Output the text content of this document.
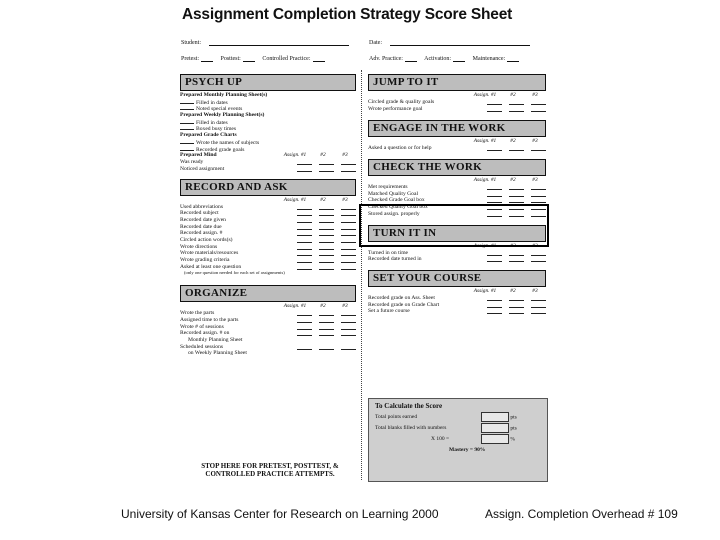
Assignment Completion Strategy Score Sheet
Student:	Date:
Pretest:	Posttest:	Controlled Practice:	Adv. Practice:	Activation:	Maintenance:
PSYCH UP
Prepared Monthly Planning Sheet(s)
Filled in dates
Noted special events
Prepared Weekly Planning Sheet(s)
Filled in dates
Boxed busy times
Prepared Grade Charts
Wrote the names of subjects
Recorded grade goals
Prepared Mind	Assign. #1	#2	#3
Was ready
Noticed assignment
RECORD AND ASK
Assign. #1	#2	#3
Used abbreviations
Recorded subject
Recorded date given
Recorded date due
Recorded assign. #
Circled action words(s)
Wrote directions
Wrote materials/resources
Wrote grading criteria
Asked at least one question
(only one question needed for each set of assignments)
ORGANIZE
Assign. #1	#2	#3
Wrote the parts
Assigned time to the parts
Wrote # of sessions
Recorded assign. # on
Monthly Planning Sheet
Scheduled sessions
on Weekly Planning Sheet
JUMP TO IT
Assign. #1	#2	#3
Circled grade & quality goals
Wrote performance goal
ENGAGE IN THE WORK
Assign. #1	#2	#3
Asked a question or for help
CHECK THE WORK
Assign. #1	#2	#3
Met requirements
Matched Quality Goal
Checked Grade Goal box
Checked Quality Goal box
Stored assign. properly
TURN IT IN
Assign. #1	#2	#3
Turned in on time
Recorded date turned in
SET YOUR COURSE
Assign. #1	#2	#3
Recorded grade on Ass. Sheet
Recorded grade on Grade Chart
Set a future course
To Calculate the Score
Total points earned	pts
Total blanks filled with numbers	pts
X 100 =	%
Mastery = 90%
STOP HERE FOR PRETEST, POSTTEST, & CONTROLLED PRACTICE ATTEMPTS.
University of Kansas Center for Research on Learning 2000	Assign. Completion Overhead # 109
